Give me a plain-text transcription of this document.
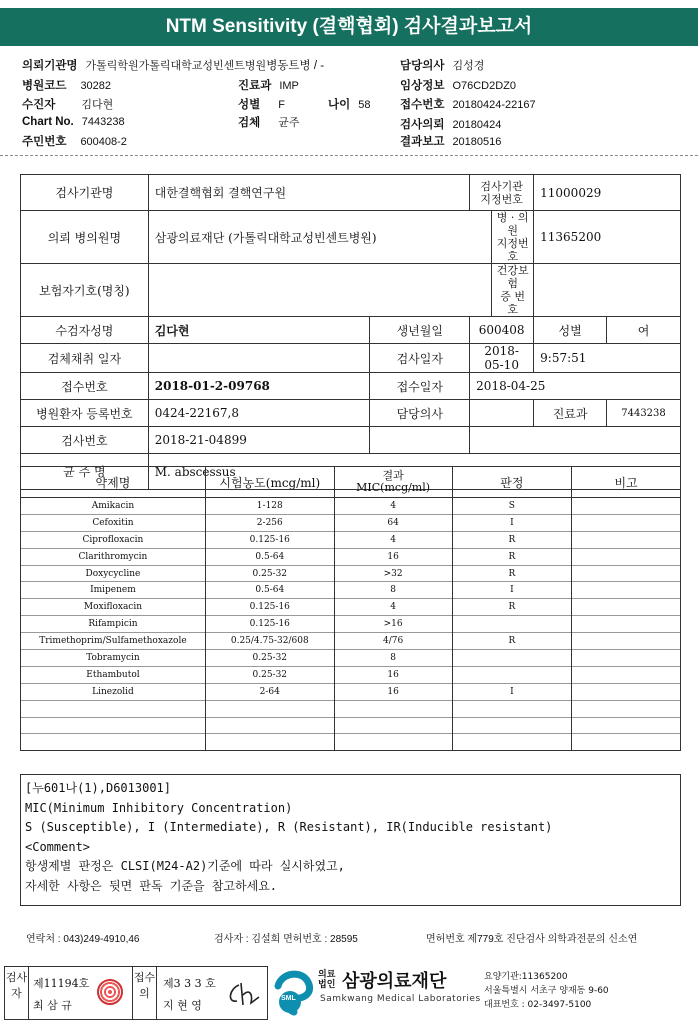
NTM Sensitivity (결핵협회) 검사결과보고서
의뢰기관명 가톨릭학원가톨릭대학교성빈센트병원병동트병 / -	담당의사 김성경
병원코드 30282	진료과 IMP	임상정보 O76CD2DZ0
수진자 김다현	성별 F	나이 58	접수번호 20180424-22167
Chart No. 7443238	검체 균주	검사의뢰 20180424
주민번호 600408-2	결과보고 20180516
검사기관명	대한결핵협회 결핵연구원		검사기관
지정번호		11000029	
의뢰 병의원명	삼광의료재단 (가톨릭대학교성빈센트병원)			병 · 의원
지정번호	11365200	
보험자기호(명칭)				건강보험
증 번 호		
수검자성명	김다현	생년월일	600408		성별	여
검체채취 일자		검사일자	2018-05-10		9:57:51	
접수번호	2018-01-2-09768	접수일자	2018-04-25			
병원환자 등록번호	0424-22167,8	담당의사			진료과	7443238
검사번호	2018-21-04899					
균 주 명	M. abscessus					
약제명	시험농도(mcg/ml)	결과
MIC(mcg/ml)	판정	비고
Amikacin	1-128	4	S	
Cefoxitin	2-256	64	I	
Ciprofloxacin	0.125-16	4	R	
Clarithromycin	0.5-64	16	R	
Doxycycline	0.25-32	>32	R	
Imipenem	0.5-64	8	I	
Moxifloxacin	0.125-16	4	R	
Rifampicin	0.125-16	>16		
Trimethoprim/Sulfamethoxazole	0.25/4.75-32/608	4/76	R	
Tobramycin	0.25-32	8		
Ethambutol	0.25-32	16		
Linezolid	2-64	16	I	

[누601나(1),D6013001]
MIC(Minimum Inhibitory Concentration)
S (Susceptible), I (Intermediate), R (Resistant), IR(Inducible resistant)
<Comment>
항생제별 판정은 CLSI(M24-A2)기준에 따라 실시하였고,
자세한 사항은 뒷면 판독 기준을 참고하세요.
연락처 : 043)249-4910,46	검사자 : 김설희 면허번호 : 28595	면허번호 제779호 진단검사 의학과전문의 신소연
검사자
제11194호
최 삼 규
접수의
제3 3 3 호
지 현 영
SML
의료
법인 삼광의료재단
Samkwang Medical Laboratories
요양기관:11365200
서울특별시 서초구 양재동 9-60
대표번호 : 02-3497-5100
